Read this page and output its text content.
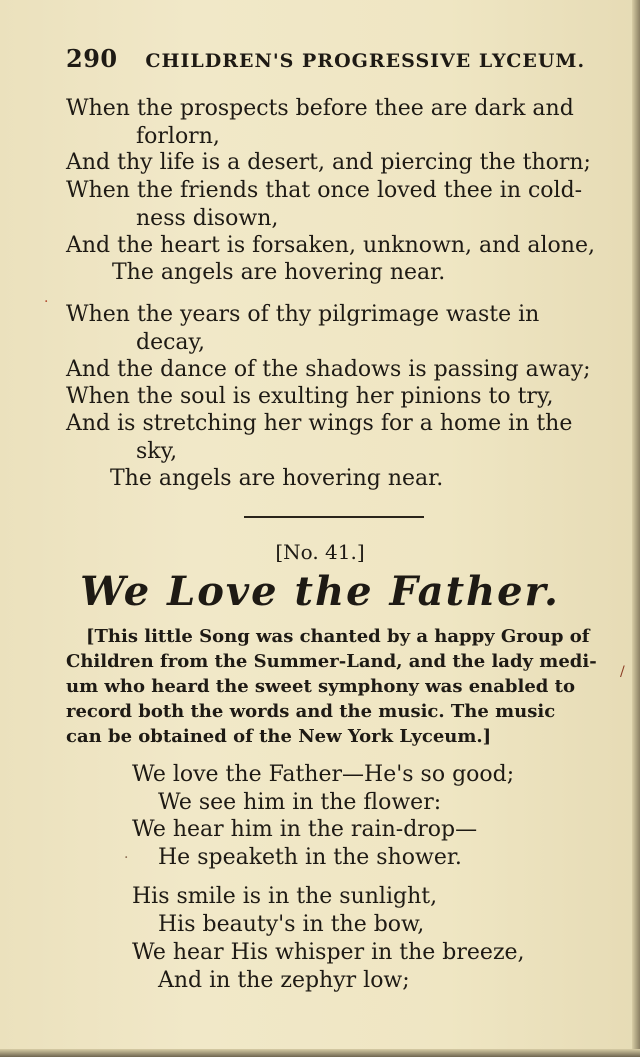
290 CHILDREN'S PROGRESSIVE LYCEUM.
When the prospects before thee are dark and
forlorn,
And thy life is a desert, and piercing the thorn;
When the friends that once loved thee in cold-
ness disown,
And the heart is forsaken, unknown, and alone,
The angels are hovering near.
· When the years of thy pilgrimage waste in
decay,
And the dance of the shadows is passing away;
When the soul is exulting her pinions to try,
And is stretching her wings for a home in the
sky,
The angels are hovering near.
[No. 41.]
We Love the Father.
[This little Song was chanted by a happy Group of
Children from the Summer-Land, and the lady medi-
um who heard the sweet symphony was enabled to
record both the words and the music. The music
can be obtained of the New York Lyceum.]
/
We love the Father—He's so good;
We see him in the flower:
We hear him in the rain-drop—
He speaketh in the shower.
·
His smile is in the sunlight,
His beauty's in the bow,
We hear His whisper in the breeze,
And in the zephyr low;
